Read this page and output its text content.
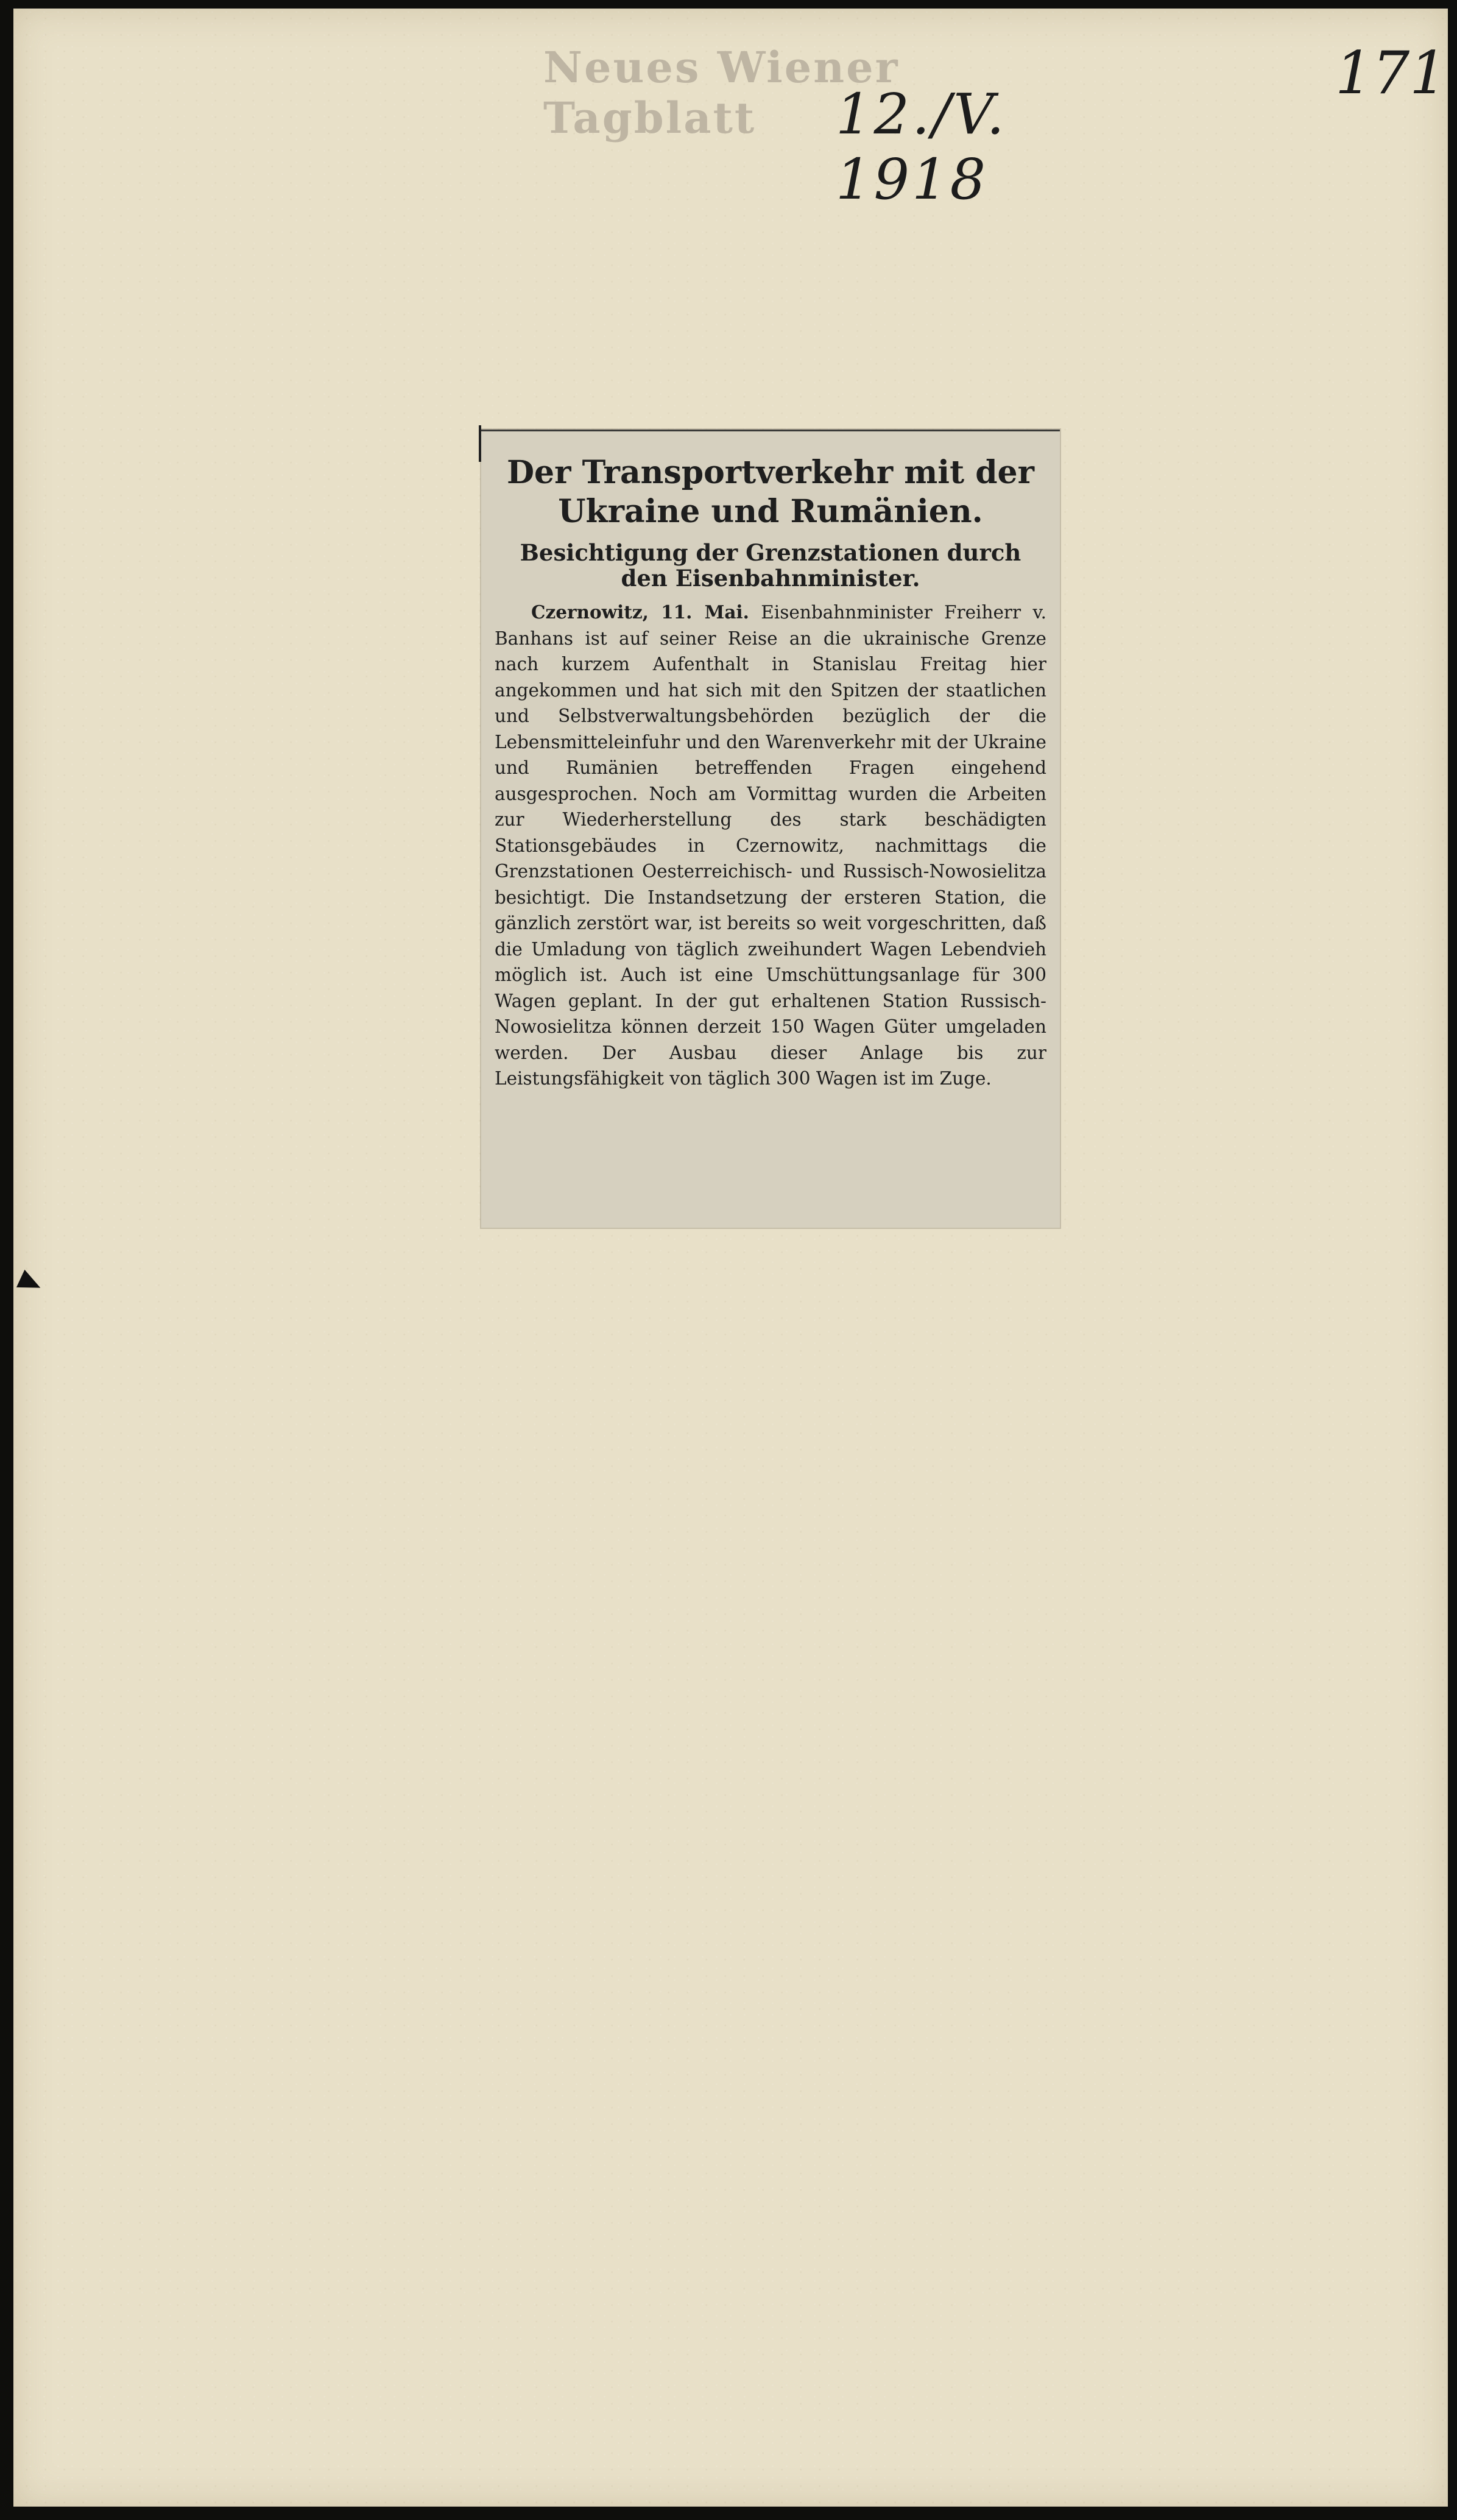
Neues Wiener Tagblatt	12./V. 1918
171
Der Transportverkehr mit der Ukraine und Rumänien.
Besichtigung der Grenzstationen durch den Eisenbahnminister.

Czernowitz, 11. Mai. Eisenbahnminister Freiherr v. Banhans ist auf seiner Reise an die ukrainische Grenze nach kurzem Aufenthalt in Stanislau Freitag hier angekommen und hat sich mit den Spitzen der staatlichen und Selbstverwaltungsbehörden bezüglich der die Lebensmitteleinfuhr und den Warenverkehr mit der Ukraine und Rumänien betreffenden Fragen eingehend ausgesprochen. Noch am Vormittag wurden die Arbeiten zur Wiederherstellung des stark beschädigten Stationsgebäudes in Czernowitz, nachmittags die Grenzstationen Oesterreichisch- und Russisch-Nowosielitza besichtigt. Die Instandsetzung der ersteren Station, die gänzlich zerstört war, ist bereits so weit vorgeschritten, daß die Umladung von täglich zweihundert Wagen Lebendvieh möglich ist. Auch ist eine Umschüttungsanlage für 300 Wagen geplant. In der gut erhaltenen Station Russisch-Nowosielitza können derzeit 150 Wagen Güter umgeladen werden. Der Ausbau dieser Anlage bis zur Leistungsfähigkeit von täglich 300 Wagen ist im Zuge.
